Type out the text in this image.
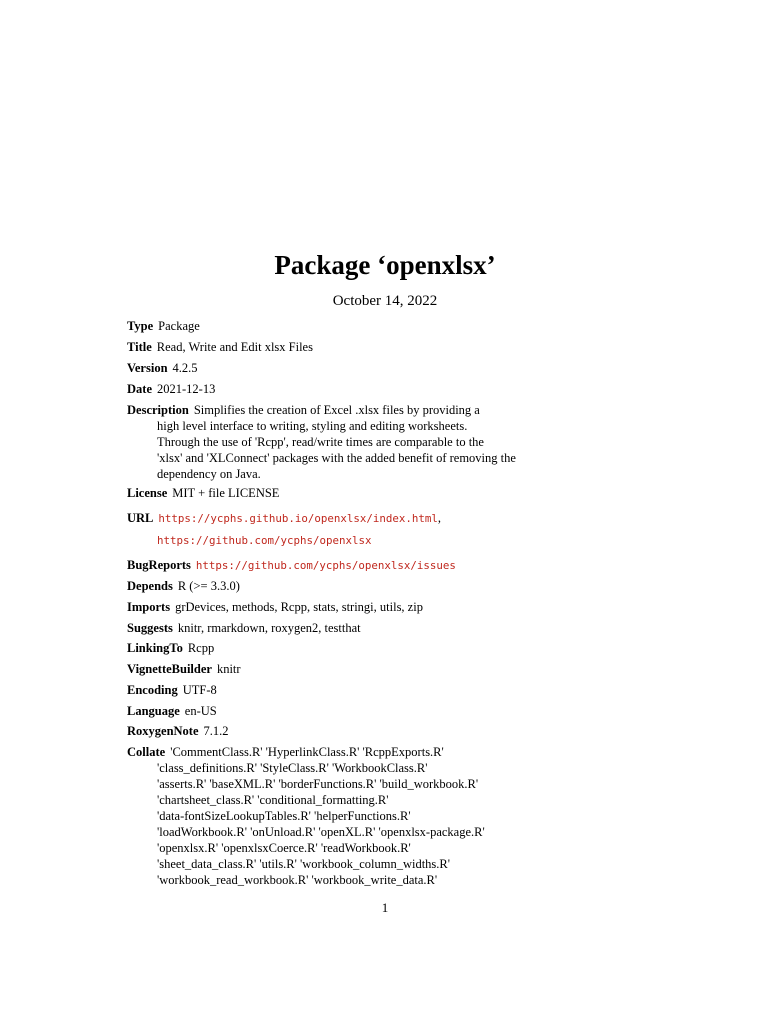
Package ‘openxlsx’
October 14, 2022
Type Package
Title Read, Write and Edit xlsx Files
Version 4.2.5
Date 2021-12-13
Description Simplifies the creation of Excel .xlsx files by providing a
high level interface to writing, styling and editing worksheets.
Through the use of 'Rcpp', read/write times are comparable to the
'xlsx' and 'XLConnect' packages with the added benefit of removing the
dependency on Java.
License MIT + file LICENSE
URL https://ycphs.github.io/openxlsx/index.html,
https://github.com/ycphs/openxlsx
BugReports https://github.com/ycphs/openxlsx/issues
Depends R (>= 3.3.0)
Imports grDevices, methods, Rcpp, stats, stringi, utils, zip
Suggests knitr, rmarkdown, roxygen2, testthat
LinkingTo Rcpp
VignetteBuilder knitr
Encoding UTF-8
Language en-US
RoxygenNote 7.1.2
Collate 'CommentClass.R' 'HyperlinkClass.R' 'RcppExports.R'
'class_definitions.R' 'StyleClass.R' 'WorkbookClass.R'
'asserts.R' 'baseXML.R' 'borderFunctions.R' 'build_workbook.R'
'chartsheet_class.R' 'conditional_formatting.R'
'data-fontSizeLookupTables.R' 'helperFunctions.R'
'loadWorkbook.R' 'onUnload.R' 'openXL.R' 'openxlsx-package.R'
'openxlsx.R' 'openxlsxCoerce.R' 'readWorkbook.R'
'sheet_data_class.R' 'utils.R' 'workbook_column_widths.R'
'workbook_read_workbook.R' 'workbook_write_data.R'
1
